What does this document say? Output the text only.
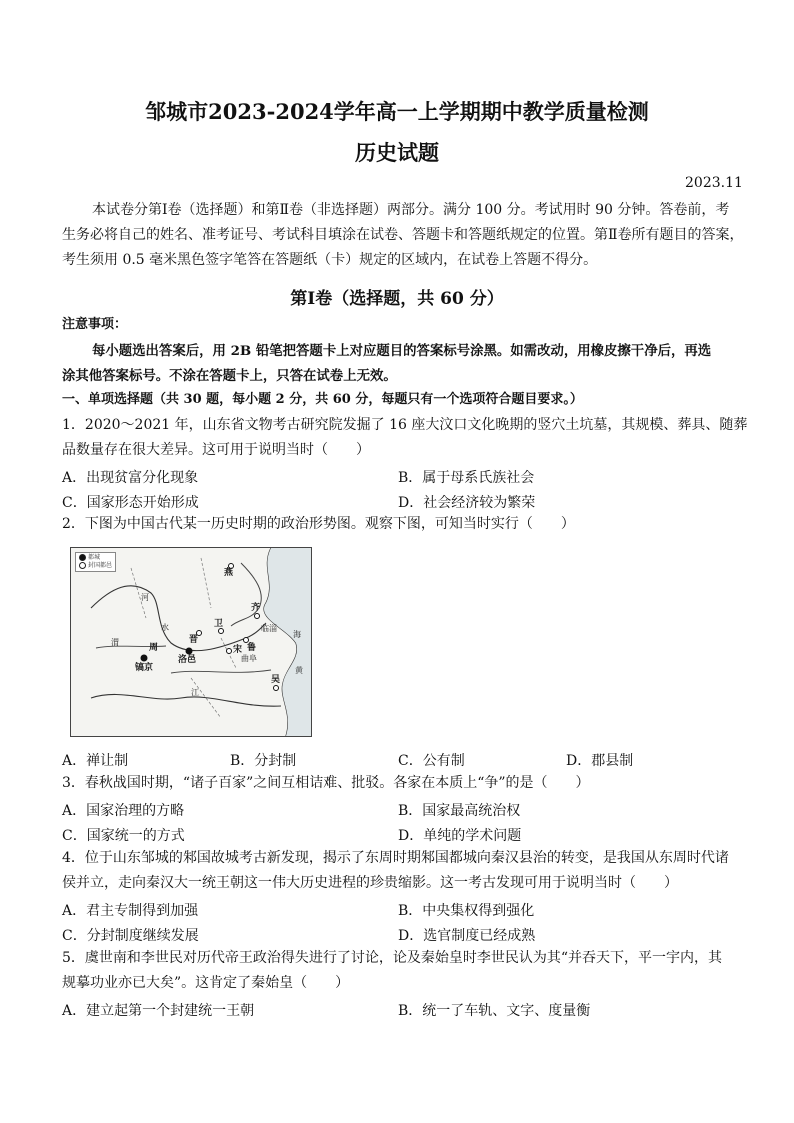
邹城市2023-2024学年高一上学期期中教学质量检测
历史试题
2023.11
本试卷分第Ⅰ卷（选择题）和第Ⅱ卷（非选择题）两部分。满分 100 分。考试用时 90 分钟。答卷前，考
生务必将自己的姓名、准考证号、考试科目填涂在试卷、答题卡和答题纸规定的位置。第Ⅱ卷所有题目的答案，
考生须用 0.5 毫米黑色签字笔答在答题纸（卡）规定的区域内，在试卷上答题不得分。
第Ⅰ卷（选择题，共 60 分）
注意事项：
每小题选出答案后，用 2B 铅笔把答题卡上对应题目的答案标号涂黑。如需改动，用橡皮擦干净后，再选
涂其他答案标号。不涂在答题卡上，只答在试卷上无效。
一、单项选择题（共 30 题，每小题 2 分，共 60 分，每题只有一个选项符合题目要求。）
1．2020～2021 年，山东省文物考古研究院发掘了 16 座大汶口文化晚期的竖穴土坑墓，其规模、葬具、随葬
品数量存在很大差异。这可用于说明当时（　　）
A．出现贫富分化现象	B．属于母系氏族社会
C．国家形态开始形成	D．社会经济较为繁荣
2．下图为中国古代某一历史时期的政治形势图。观察下图，可知当时实行（　　）
都城
封国都邑
燕
晋
卫
齐
鲁
洛邑
宋
周
镐京
吴
河
水
渭
江
海
黄
临淄
曲阜
A．禅让制	B．分封制	C．公有制	D．郡县制
3．春秋战国时期，“诸子百家”之间互相诘难、批驳。各家在本质上“争”的是（　　）
A．国家治理的方略	B．国家最高统治权
C．国家统一的方式	D．单纯的学术问题
4．位于山东邹城的邾国故城考古新发现，揭示了东周时期邾国都城向秦汉县治的转变，是我国从东周时代诸
侯并立，走向秦汉大一统王朝这一伟大历史进程的珍贵缩影。这一考古发现可用于说明当时（　　）
A．君主专制得到加强	B．中央集权得到强化
C．分封制度继续发展	D．选官制度已经成熟
5．虞世南和李世民对历代帝王政治得失进行了讨论，论及秦始皇时李世民认为其“并吞天下，平一宇内，其
规摹功业亦已大矣”。这肯定了秦始皇（　　）
A．建立起第一个封建统一王朝	B．统一了车轨、文字、度量衡
